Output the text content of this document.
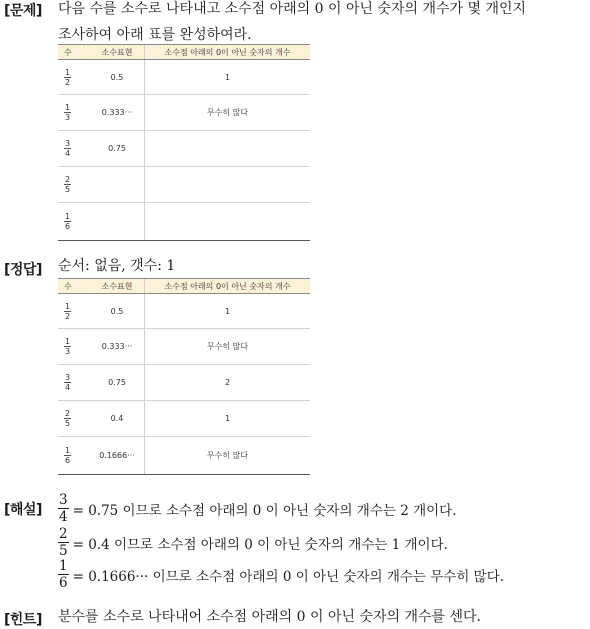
[문제] 다음 수를 소수로 나타내고 소수점 아래의 0 이 아닌 숫자의 개수가 몇 개인지
조사하여 아래 표를 완성하여라.
수	소수표현	소수점 아래의 0이 아닌 숫자의 개수

$\frac{1}{2}$	0.5	1

$\frac{1}{3}$	0.333···	무수히 많다

$\frac{3}{4}$	0.75	

$\frac{2}{5}$

$\frac{1}{6}$

[정답] 순서: 없음, 갯수: 1
수	소수표현	소수점 아래의 0이 아닌 숫자의 개수

$\frac{1}{2}$	0.5	1

$\frac{1}{3}$	0.333···	무수히 많다

$\frac{3}{4}$	0.75	2

$\frac{2}{5}$	0.4	1

$\frac{1}{6}$	0.1666···	무수히 많다
[해설] $\frac{3}{4} = 0.75$ 이므로 소수점 아래의 0 이 아닌 숫자의 개수는 2 개이다.
$\frac{2}{5} = 0.4$ 이므로 소수점 아래의 0 이 아닌 숫자의 개수는 1 개이다.
$\frac{1}{6} = 0.1666\cdot\cdot\cdot$ 이므로 소수점 아래의 0 이 아닌 숫자의 개수는 무수히 많다.
[힌트] 분수를 소수로 나타내어 소수점 아래의 0 이 아닌 숫자의 개수를 센다.
